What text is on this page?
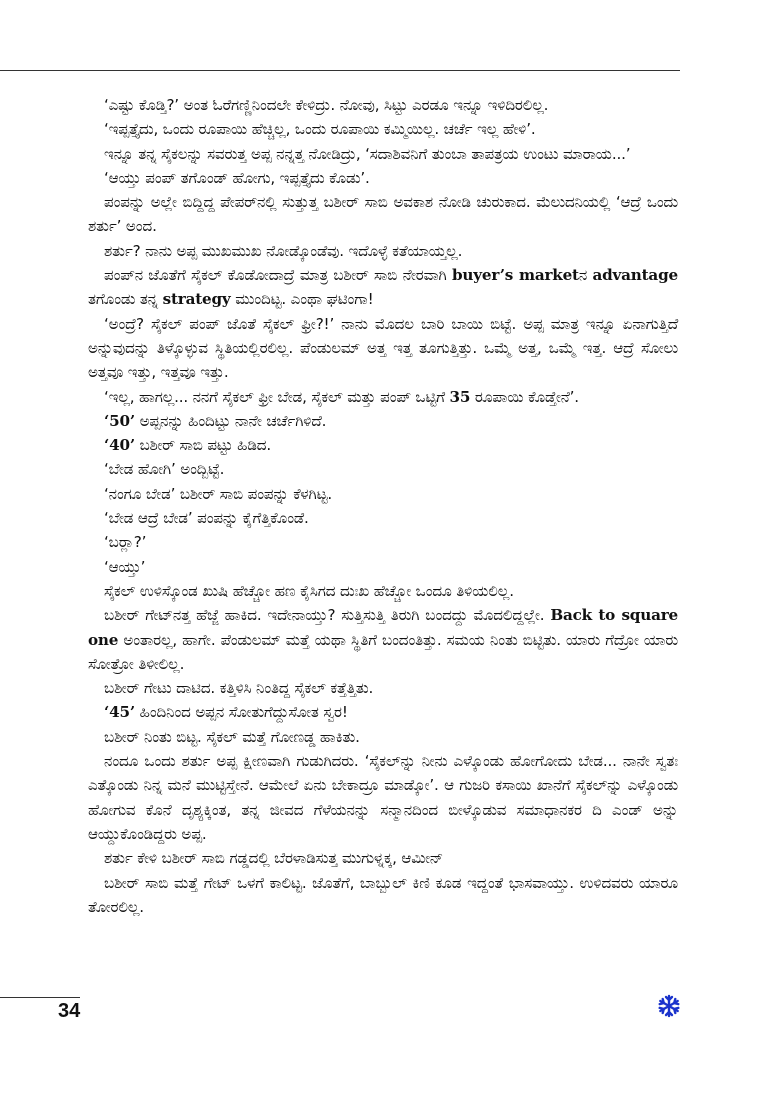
‘ಎಷ್ಟು ಕೊಡ್ತಿ?’ ಅಂತ ಓರೆಗಣ್ಣಿನಿಂದಲೇ ಕೇಳಿದ್ರು. ನೋವು, ಸಿಟ್ಟು ಎರಡೂ ಇನ್ನೂ ಇಳಿದಿರಲಿಲ್ಲ.

‘ಇಪ್ಪತ್ತೈದು, ಒಂದು ರೂಪಾಯಿ ಹೆಚ್ಚಿಲ್ಲ, ಒಂದು ರೂಪಾಯಿ ಕಮ್ಮಿಯಿಲ್ಲ. ಚರ್ಚೆ ಇಲ್ಲ ಹೇಳಿ’.

ಇನ್ನೂ ತನ್ನ ಸೈಕಲನ್ನು ಸವರುತ್ತ ಅಪ್ಪ ನನ್ನತ್ತ ನೋಡಿದ್ರು, ‘ಸದಾಶಿವನಿಗೆ ತುಂಬಾ ತಾಪತ್ರಯ ಉಂಟು ಮಾರಾಯ...’

‘ಆಯ್ತು ಪಂಪ್ ತಗೊಂಡ್ ಹೋಗು, ಇಪ್ಪತ್ತೈದು ಕೊಡು’.

ಪಂಪನ್ನು ಅಲ್ಲೇ ಬಿದ್ದಿದ್ದ ಪೇಪರ್‌ನಲ್ಲಿ ಸುತ್ತುತ್ತ ಬಶೀರ್ ಸಾಬಿ ಅವಕಾಶ ನೋಡಿ ಚುರುಕಾದ. ಮೆಲುದನಿಯಲ್ಲಿ ‘ಆದ್ರೆ ಒಂದು ಶರ್ತು’ ಅಂದ.

ಶರ್ತು? ನಾನು ಅಪ್ಪ ಮುಖಮುಖ ನೋಡ್ಕೊಂಡೆವು. ಇದೊಳ್ಳೆ ಕತೆಯಾಯ್ತಲ್ಲ.

ಪಂಪ್‌ನ ಜೊತೆಗೆ ಸೈಕಲ್ ಕೊಡೋದಾದ್ರೆ ಮಾತ್ರ ಬಶೀರ್ ಸಾಬಿ ನೇರವಾಗಿ buyer’s marketನ advantage ತಗೊಂಡು ತನ್ನ strategy ಮುಂದಿಟ್ಟ. ಎಂಥಾ ಘಟಿಂಗಾ!

‘ಅಂದ್ರೆ? ಸೈಕಲ್ ಪಂಪ್ ಜೊತೆ ಸೈಕಲ್ ಫ್ರೀ?!’ ನಾನು ಮೊದಲ ಬಾರಿ ಬಾಯಿ ಬಿಟ್ಟೆ. ಅಪ್ಪ ಮಾತ್ರ ಇನ್ನೂ ಏನಾಗುತ್ತಿದೆ ಅನ್ನುವುದನ್ನು ತಿಳ್ಕೊಳ್ಳುವ ಸ್ಥಿತಿಯಲ್ಲಿರಲಿಲ್ಲ. ಪೆಂಡುಲಮ್ ಅತ್ತ ಇತ್ತ ತೂಗುತ್ತಿತ್ತು. ಒಮ್ಮೆ ಅತ್ತ, ಒಮ್ಮೆ ಇತ್ತ. ಆದ್ರೆ ಸೋಲು ಅತ್ತವೂ ಇತ್ತು, ಇತ್ತವೂ ಇತ್ತು.

‘ಇಲ್ಲ, ಹಾಗಲ್ಲ... ನನಗೆ ಸೈಕಲ್ ಫ್ರೀ ಬೇಡ, ಸೈಕಲ್ ಮತ್ತು ಪಂಪ್ ಒಟ್ಟಿಗೆ 35 ರೂಪಾಯಿ ಕೊಡ್ತೇನೆ’.

‘50’ ಅಪ್ಪನನ್ನು ಹಿಂದಿಟ್ಟು ನಾನೇ ಚರ್ಚೆಗಿಳಿದೆ.

‘40’ ಬಶೀರ್ ಸಾಬಿ ಪಟ್ಟು ಹಿಡಿದ.

‘ಬೇಡ ಹೋಗಿ’ ಅಂದ್ಬಿಟ್ಟೆ.

‘ನಂಗೂ ಬೇಡ’ ಬಶೀರ್ ಸಾಬಿ ಪಂಪನ್ನು ಕೆಳಗಿಟ್ಟ.

‘ಬೇಡ ಆದ್ರೆ ಬೇಡ’ ಪಂಪನ್ನು ಕೈಗೆತ್ತಿಕೊಂಡೆ.

‘ಬರ್‍ಲಾ?’

‘ಆಯ್ತು’

ಸೈಕಲ್ ಉಳಿಸ್ಕೊಂಡ ಖುಷಿ ಹೆಚ್ಚೋ ಹಣ ಕೈಸಿಗದ ದುಃಖ ಹೆಚ್ಚೋ ಒಂದೂ ತಿಳಿಯಲಿಲ್ಲ.

ಬಶೀರ್ ಗೇಟ್‌ನತ್ತ ಹೆಜ್ಜೆ ಹಾಕಿದ. ಇದೇನಾಯ್ತು? ಸುತ್ತಿಸುತ್ತಿ ತಿರುಗಿ ಬಂದದ್ದು ಮೊದಲಿದ್ದಲ್ಲೇ. Back to square one ಅಂತಾರಲ್ಲ, ಹಾಗೇ. ಪೆಂಡುಲಮ್ ಮತ್ತೆ ಯಥಾ ಸ್ಥಿತಿಗೆ ಬಂದಂತಿತ್ತು. ಸಮಯ ನಿಂತು ಬಿಟ್ಟಿತು. ಯಾರು ಗೆದ್ರೋ ಯಾರು ಸೋತ್ರೋ ತಿಳೀಲಿಲ್ಲ.

ಬಶೀರ್ ಗೇಟು ದಾಟಿದ. ಕತ್ತಿಳಿಸಿ ನಿಂತಿದ್ದ ಸೈಕಲ್ ಕತ್ತೆತ್ತಿತು.

‘45’ ಹಿಂದಿನಿಂದ ಅಪ್ಪನ ಸೋತುಗೆದ್ದುಸೋತ ಸ್ವರ!

ಬಶೀರ್ ನಿಂತು ಬಿಟ್ಟ. ಸೈಕಲ್ ಮತ್ತೆ ಗೋಣಡ್ಡ ಹಾಕಿತು.

ನಂದೂ ಒಂದು ಶರ್ತು ಅಪ್ಪ ಕ್ಷೀಣವಾಗಿ ಗುಡುಗಿದರು. ‘ಸೈಕಲ್‌ನ್ನು ನೀನು ಎಳ್ಕೊಂಡು ಹೋಗೋದು ಬೇಡ... ನಾನೇ ಸ್ವತಃ ಎತ್ಕೊಂಡು ನಿನ್ನ ಮನೆ ಮುಟ್ಟಿಸ್ತೇನೆ. ಆಮೇಲೆ ಏನು ಬೇಕಾದ್ರೂ ಮಾಡ್ಕೋ’. ಆ ಗುಜರಿ ಕಸಾಯಿ ಖಾನೆಗೆ ಸೈಕಲ್‌ನ್ನು ಎಳ್ಕೊಂಡು ಹೋಗುವ ಕೊನೆ ದೃಶ್ಯಕ್ಕಿಂತ, ತನ್ನ ಜೀವದ ಗೆಳೆಯನನ್ನು ಸನ್ಮಾನದಿಂದ ಬೀಳ್ಕೊಡುವ ಸಮಾಧಾನಕರ ದಿ ಎಂಡ್ ಅನ್ನು ಆಯ್ದುಕೊಂಡಿದ್ದರು ಅಪ್ಪ.

ಶರ್ತು ಕೇಳಿ ಬಶೀರ್ ಸಾಬಿ ಗಡ್ಡದಲ್ಲಿ ಬೆರಳಾಡಿಸುತ್ತ ಮುಗುಳ್ನಕ್ಕ, ಆಮೀನ್

ಬಶೀರ್ ಸಾಬಿ ಮತ್ತೆ ಗೇಟ್ ಒಳಗೆ ಕಾಲಿಟ್ಟ. ಜೊತೆಗೆ, ಬಾಬ್ಬುಲ್ ಕಿಣಿ ಕೂಡ ಇದ್ದಂತೆ ಭಾಸವಾಯ್ತು. ಉಳಿದವರು ಯಾರೂ ತೋರಲಿಲ್ಲ.

34
